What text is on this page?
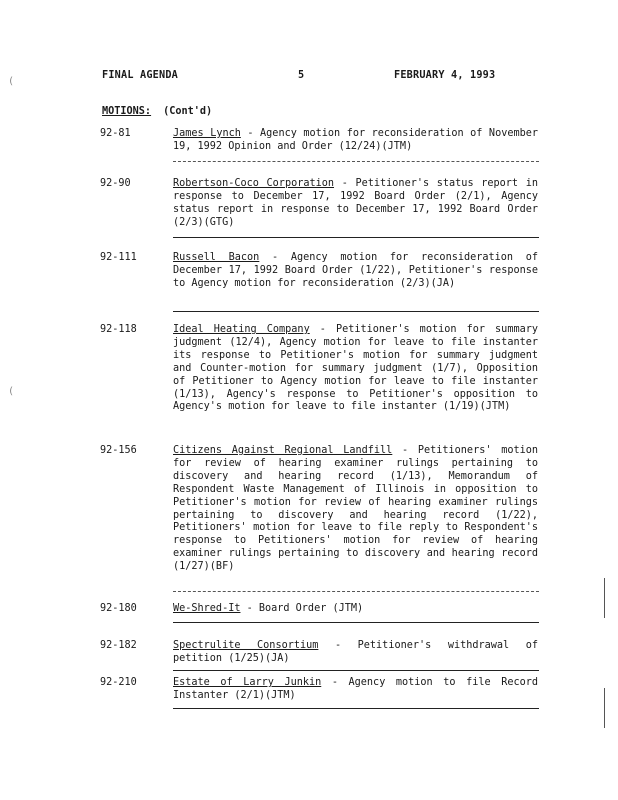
FINAL AGENDA	5	FEBRUARY 4, 1993
MOTIONS: (Cont'd)
92-81	James Lynch - Agency motion for reconsideration of November 19, 1992 Opinion and Order (12/24)(JTM)
92-90	Robertson-Coco Corporation - Petitioner's status report in response to December 17, 1992 Board Order (2/1), Agency status report in response to December 17, 1992 Board Order (2/3)(GTG)
92-111	Russell Bacon - Agency motion for reconsideration of December 17, 1992 Board Order (1/22), Petitioner's response to Agency motion for reconsideration (2/3)(JA)
92-118	Ideal Heating Company - Petitioner's motion for summary judgment (12/4), Agency motion for leave to file instanter its response to Petitioner's motion for summary judgment and Counter-motion for summary judgment (1/7), Opposition of Petitioner to Agency motion for leave to file instanter (1/13), Agency's response to Petitioner's opposition to Agency's motion for leave to file instanter (1/19)(JTM)
92-156	Citizens Against Regional Landfill - Petitioners' motion for review of hearing examiner rulings pertaining to discovery and hearing record (1/13), Memorandum of Respondent Waste Management of Illinois in opposition to Petitioner's motion for review of hearing examiner rulings pertaining to discovery and hearing record (1/22), Petitioners' motion for leave to file reply to Respondent's response to Petitioners' motion for review of hearing examiner rulings pertaining to discovery and hearing record (1/27)(BF)
92-180	We-Shred-It - Board Order (JTM)
92-182	Spectrulite Consortium - Petitioner's withdrawal of petition (1/25)(JA)
92-210	Estate of Larry Junkin - Agency motion to file Record Instanter (2/1)(JTM)
(
(
